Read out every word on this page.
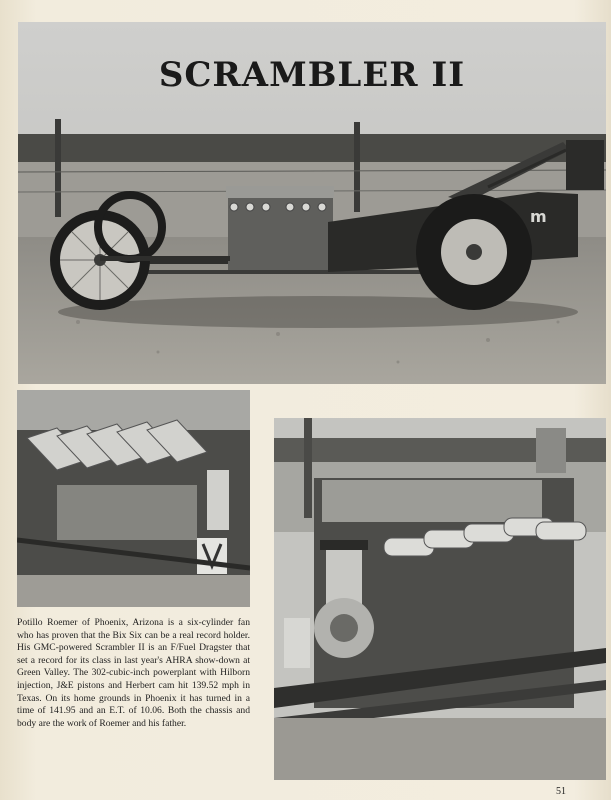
m
SCRAMBLER II
Potillo Roemer of Phoenix, Arizona is a six-cylinder fan who has proven that the Bix Six can be a real record holder. His GMC-powered Scrambler II is an F/Fuel Dragster that set a record for its class in last year's AHRA show-down at Green Valley. The 302-cubic-inch powerplant with Hilborn injection, J&E pistons and Herbert cam hit 139.52 mph in Texas. On its home grounds in Phoenix it has turned in a time of 141.95 and an E.T. of 10.06. Both the chassis and body are the work of Roemer and his father.
51
